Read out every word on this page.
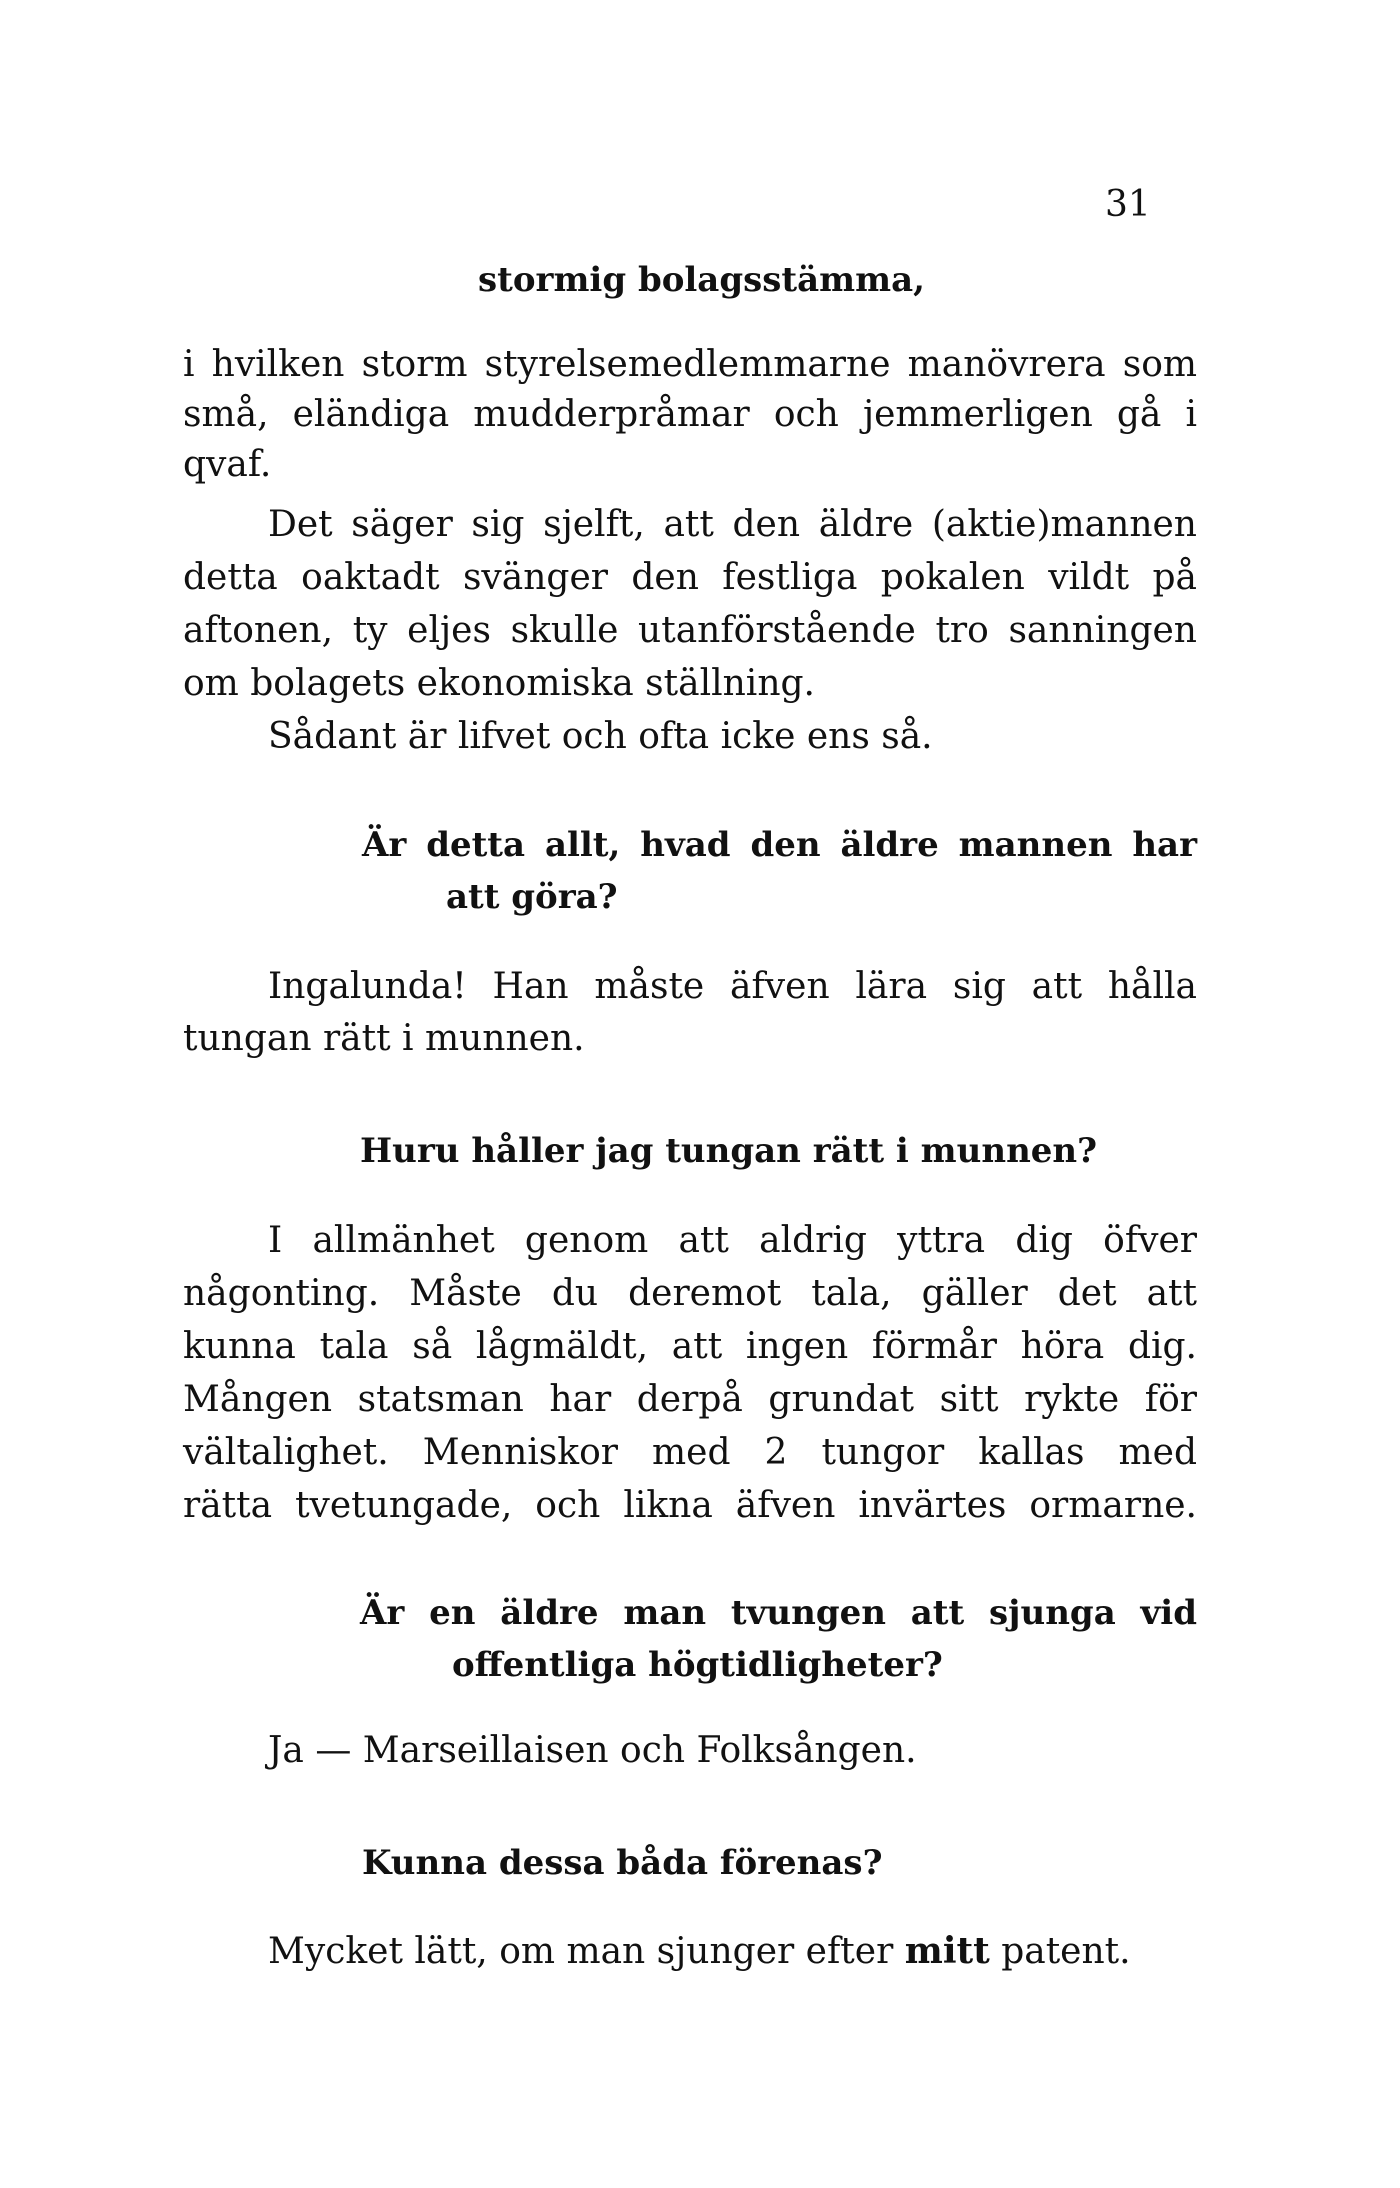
31
stormig bolagsstämma,
i hvilken storm styrelsemedlemmarne manövrera som
små, eländiga mudderpråmar och jemmerligen gå i
qvaf.
Det säger sig sjelft, att den äldre (aktie)mannen
detta oaktadt svänger den festliga pokalen vildt på
aftonen, ty eljes skulle utanförstående tro sanningen
om bolagets ekonomiska ställning.
Sådant är lifvet och ofta icke ens så.
Är detta allt, hvad den äldre mannen har
att göra?
Ingalunda! Han måste äfven lära sig att hålla
tungan rätt i munnen.
Huru håller jag tungan rätt i munnen?
I allmänhet genom att aldrig yttra dig öfver
någonting. Måste du deremot tala, gäller det att
kunna tala så lågmäldt, att ingen förmår höra dig.
Mången statsman har derpå grundat sitt rykte för
vältalighet. Menniskor med 2 tungor kallas med
rätta tvetungade, och likna äfven invärtes ormarne.
Är en äldre man tvungen att sjunga vid
offentliga högtidligheter?
Ja — Marseillaisen och Folksången.
Kunna dessa båda förenas?
Mycket lätt, om man sjunger efter mitt patent.
